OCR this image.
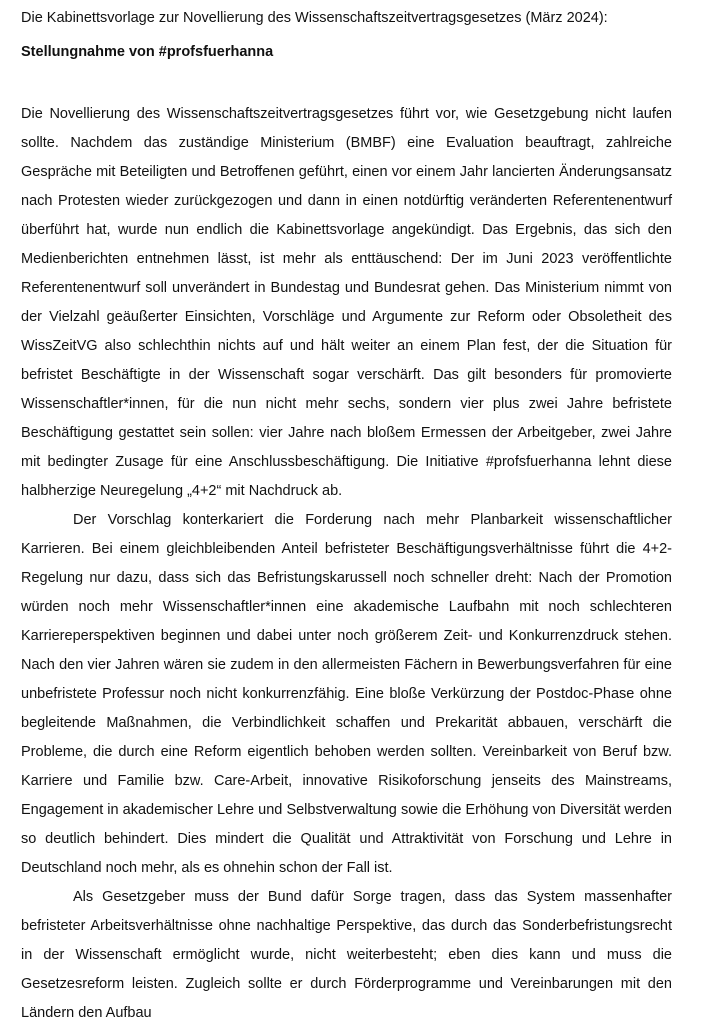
Die Kabinettsvorlage zur Novellierung des Wissenschaftszeitvertragsgesetzes (März 2024):

Stellungnahme von #profsfuerhanna

Die Novellierung des Wissenschaftszeitvertragsgesetzes führt vor, wie Gesetzgebung nicht laufen sollte. Nachdem das zuständige Ministerium (BMBF) eine Evaluation beauftragt, zahlreiche Gespräche mit Beteiligten und Betroffenen geführt, einen vor einem Jahr lancierten Änderungsansatz nach Protesten wieder zurückgezogen und dann in einen notdürftig veränderten Referentenentwurf überführt hat, wurde nun endlich die Kabinettsvorlage angekündigt. Das Ergebnis, das sich den Medienberichten entnehmen lässt, ist mehr als enttäuschend: Der im Juni 2023 veröffentlichte Referentenentwurf soll unverändert in Bundestag und Bundesrat gehen. Das Ministerium nimmt von der Vielzahl geäußerter Einsichten, Vorschläge und Argumente zur Reform oder Obsoletheit des WissZeitVG also schlechthin nichts auf und hält weiter an einem Plan fest, der die Situation für befristet Beschäftigte in der Wissenschaft sogar verschärft. Das gilt besonders für promovierte Wissenschaftler*innen, für die nun nicht mehr sechs, sondern vier plus zwei Jahre befristete Beschäftigung gestattet sein sollen: vier Jahre nach bloßem Ermessen der Arbeitgeber, zwei Jahre mit bedingter Zusage für eine Anschlussbeschäftigung. Die Initiative #profsfuerhanna lehnt diese halbherzige Neuregelung „4+2“ mit Nachdruck ab.

Der Vorschlag konterkariert die Forderung nach mehr Planbarkeit wissenschaftlicher Karrieren. Bei einem gleichbleibenden Anteil befristeter Beschäftigungsverhältnisse führt die 4+2-Regelung nur dazu, dass sich das Befristungskarussell noch schneller dreht: Nach der Promotion würden noch mehr Wissenschaftler*innen eine akademische Laufbahn mit noch schlechteren Karriereperspektiven beginnen und dabei unter noch größerem Zeit- und Konkurrenzdruck stehen. Nach den vier Jahren wären sie zudem in den allermeisten Fächern in Bewerbungsverfahren für eine unbefristete Professur noch nicht konkurrenzfähig. Eine bloße Verkürzung der Postdoc-Phase ohne begleitende Maßnahmen, die Verbindlichkeit schaffen und Prekarität abbauen, verschärft die Probleme, die durch eine Reform eigentlich behoben werden sollten. Vereinbarkeit von Beruf bzw. Karriere und Familie bzw. Care-Arbeit, innovative Risikoforschung jenseits des Mainstreams, Engagement in akademischer Lehre und Selbstverwaltung sowie die Erhöhung von Diversität werden so deutlich behindert. Dies mindert die Qualität und Attraktivität von Forschung und Lehre in Deutschland noch mehr, als es ohnehin schon der Fall ist.

Als Gesetzgeber muss der Bund dafür Sorge tragen, dass das System massenhafter befristeter Arbeitsverhältnisse ohne nachhaltige Perspektive, das durch das Sonderbefristungsrecht in der Wissenschaft ermöglicht wurde, nicht weiterbesteht; eben dies kann und muss die Gesetzesreform leisten. Zugleich sollte er durch Förderprogramme und Vereinbarungen mit den Ländern den Aufbau
